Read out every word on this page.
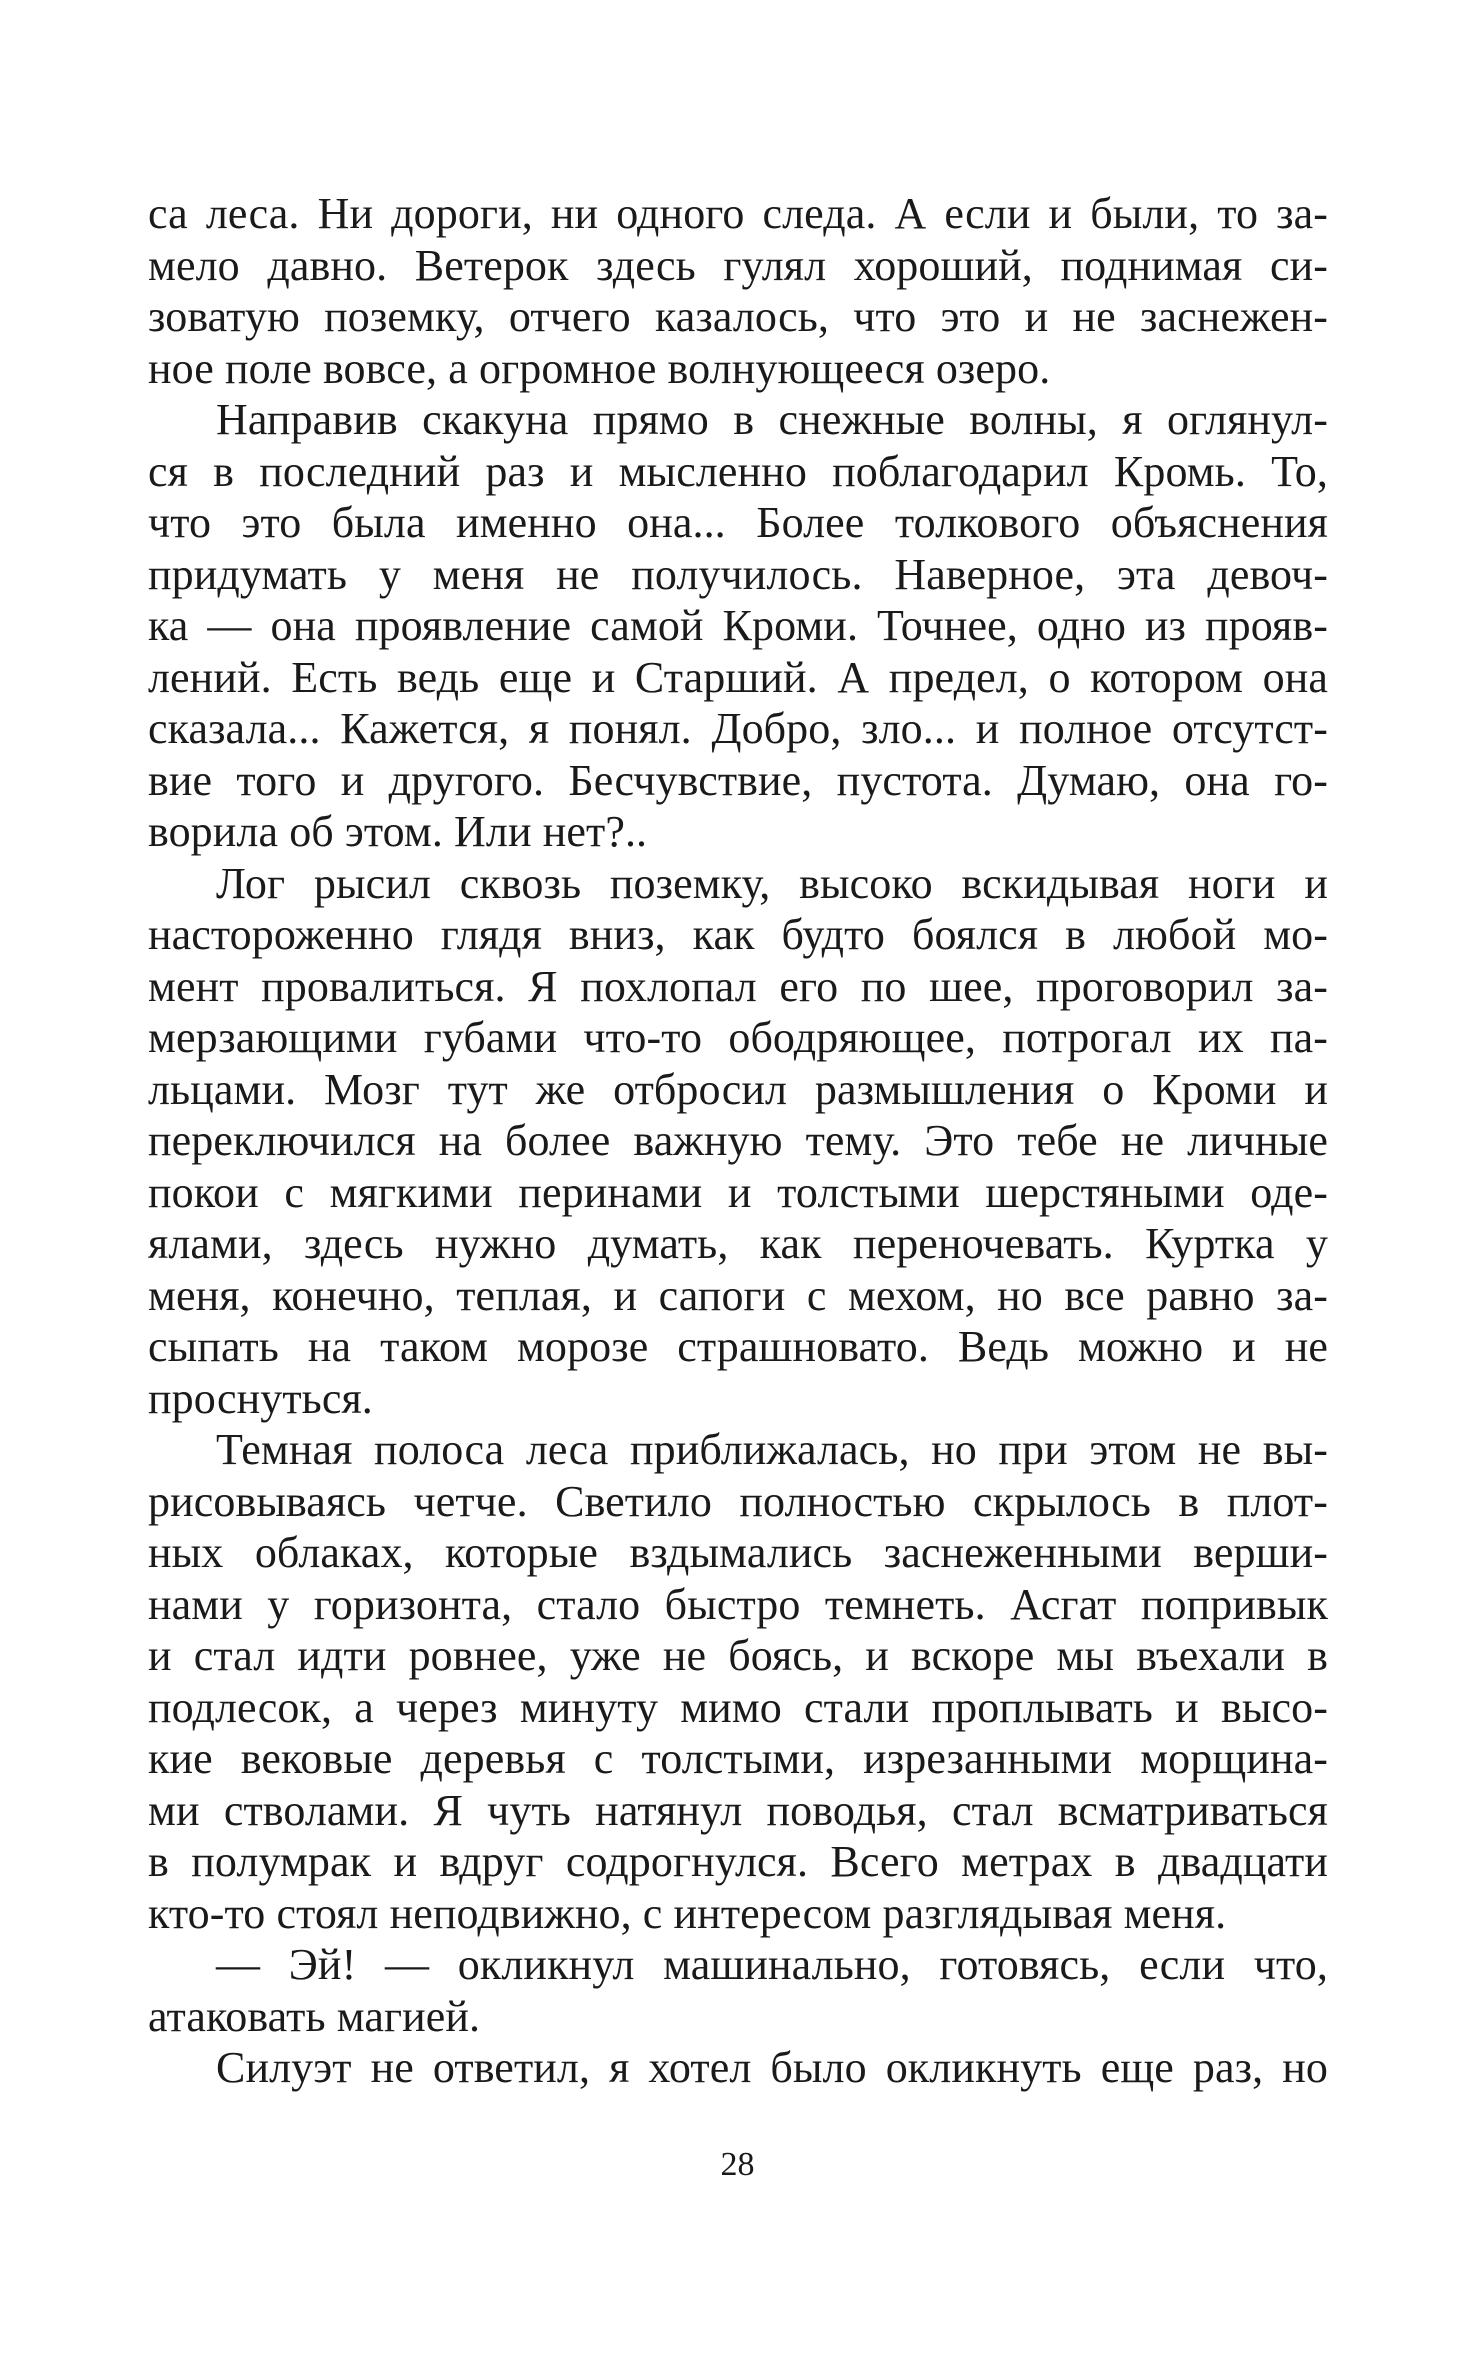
са леса. Ни дороги, ни одного следа. А если и были, то за-
мело давно. Ветерок здесь гулял хороший, поднимая си-
зоватую поземку, отчего казалось, что это и не заснежен-
ное поле вовсе, а огромное волнующееся озеро.
Направив скакуна прямо в снежные волны, я оглянул-
ся в последний раз и мысленно поблагодарил Кромь. То,
что это была именно она... Более толкового объяснения
придумать у меня не получилось. Наверное, эта девоч-
ка — она проявление самой Кроми. Точнее, одно из прояв-
лений. Есть ведь еще и Старший. А предел, о котором она
сказала... Кажется, я понял. Добро, зло... и полное отсутст-
вие того и другого. Бесчувствие, пустота. Думаю, она го-
ворила об этом. Или нет?..
Лог рысил сквозь поземку, высоко вскидывая ноги и
настороженно глядя вниз, как будто боялся в любой мо-
мент провалиться. Я похлопал его по шее, проговорил за-
мерзающими губами что-то ободряющее, потрогал их па-
льцами. Мозг тут же отбросил размышления о Кроми и
переключился на более важную тему. Это тебе не личные
покои с мягкими перинами и толстыми шерстяными оде-
ялами, здесь нужно думать, как переночевать. Куртка у
меня, конечно, теплая, и сапоги с мехом, но все равно за-
сыпать на таком морозе страшновато. Ведь можно и не
проснуться.
Темная полоса леса приближалась, но при этом не вы-
рисовываясь четче. Светило полностью скрылось в плот-
ных облаках, которые вздымались заснеженными верши-
нами у горизонта, стало быстро темнеть. Асгат попривык
и стал идти ровнее, уже не боясь, и вскоре мы въехали в
подлесок, а через минуту мимо стали проплывать и высо-
кие вековые деревья с толстыми, изрезанными морщина-
ми стволами. Я чуть натянул поводья, стал всматриваться
в полумрак и вдруг содрогнулся. Всего метрах в двадцати
кто-то стоял неподвижно, с интересом разглядывая меня.
— Эй! — окликнул машинально, готовясь, если что,
атаковать магией.
Силуэт не ответил, я хотел было окликнуть еще раз, но
28
